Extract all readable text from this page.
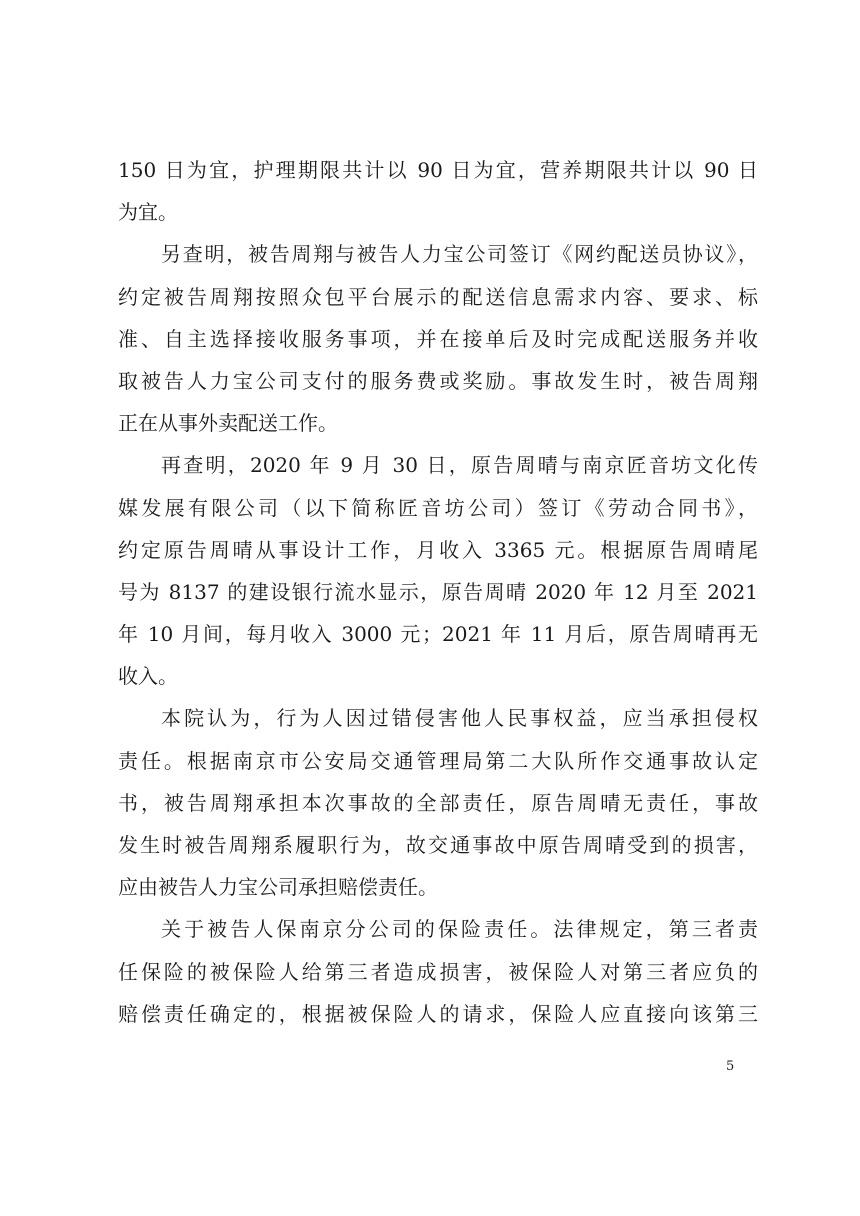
150 日为宜，护理期限共计以 90 日为宜，营养期限共计以 90 日
为宜。
另查明，被告周翔与被告人力宝公司签订《网约配送员协议》，
约定被告周翔按照众包平台展示的配送信息需求内容、要求、标
准、自主选择接收服务事项，并在接单后及时完成配送服务并收
取被告人力宝公司支付的服务费或奖励。事故发生时，被告周翔
正在从事外卖配送工作。
再查明，2020 年 9 月 30 日，原告周晴与南京匠音坊文化传
媒发展有限公司（以下简称匠音坊公司）签订《劳动合同书》，
约定原告周晴从事设计工作，月收入 3365 元。根据原告周晴尾
号为 8137 的建设银行流水显示，原告周晴 2020 年 12 月至 2021
年 10 月间，每月收入 3000 元；2021 年 11 月后，原告周晴再无
收入。
本院认为，行为人因过错侵害他人民事权益，应当承担侵权
责任。根据南京市公安局交通管理局第二大队所作交通事故认定
书，被告周翔承担本次事故的全部责任，原告周晴无责任，事故
发生时被告周翔系履职行为，故交通事故中原告周晴受到的损害，
应由被告人力宝公司承担赔偿责任。
关于被告人保南京分公司的保险责任。法律规定，第三者责
任保险的被保险人给第三者造成损害，被保险人对第三者应负的
赔偿责任确定的，根据被保险人的请求，保险人应直接向该第三
5
